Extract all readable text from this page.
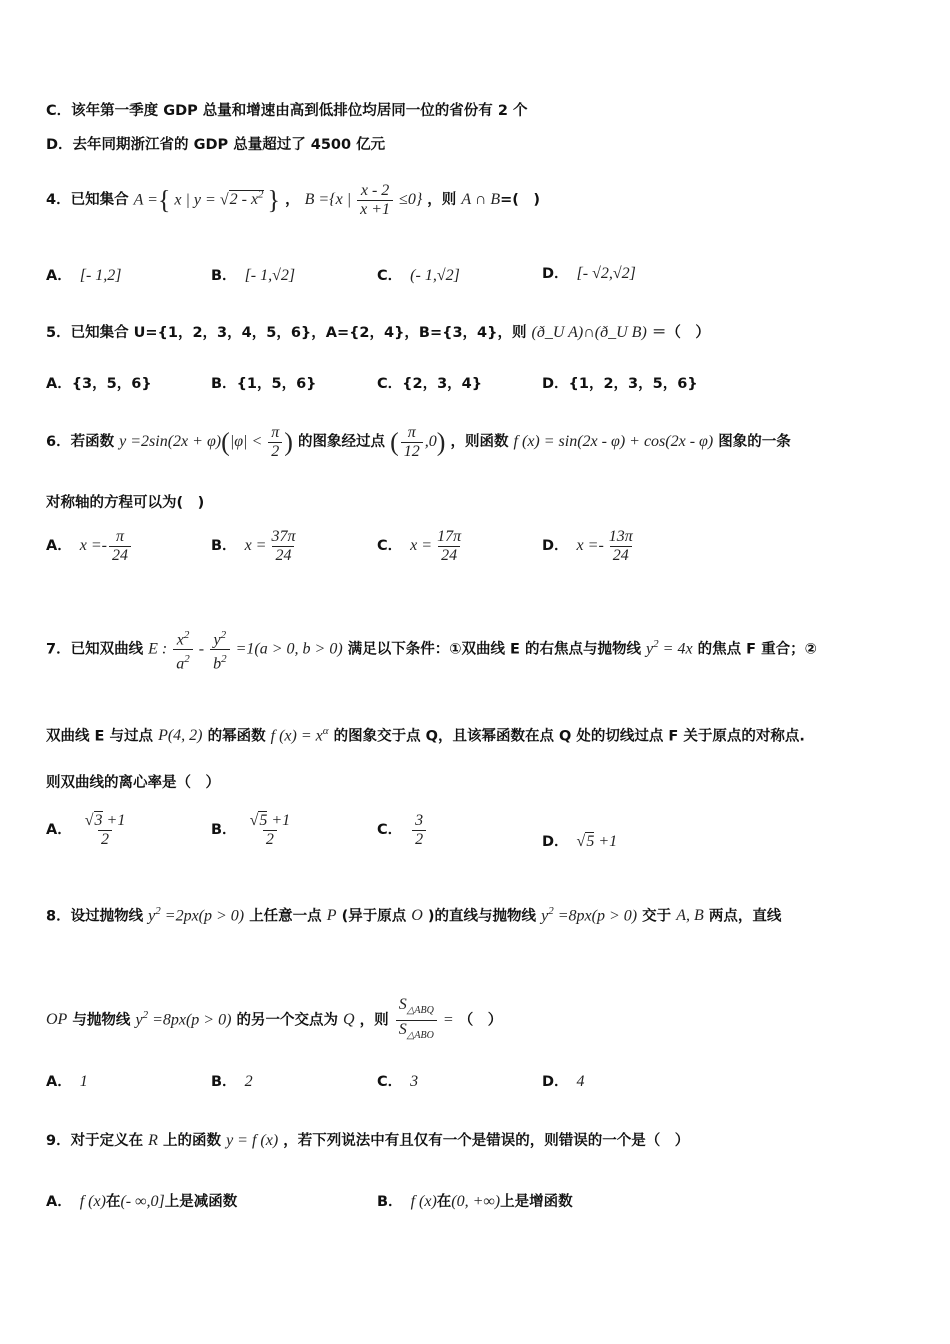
C．该年第一季度 GDP 总量和增速由高到低排位均居同一位的省份有 2 个
D．去年同期浙江省的 GDP 总量超过了 4500 亿元
4．已知集合 A ={ x | $y = √2 - x^2$ } ， B ={x | $\frac{x - 2}{x +1} \le 0$} ，则 A ∩ B=(　)
A． [- 1,2]	B． [- 1,√2]	C． (- 1,√2]	D． [- √2,√2]
5．已知集合 U={1，2，3，4，5，6}，A={2，4}，B={3，4}，则 (ð_U A)∩(ð_U B) ＝（　）
A．{3，5，6}	B．{1，5，6}	C．{2，3，4}	D．{1，2，3，5，6}
6．若函数 $y =2\sin(2x + \varphi)(|\varphi| < \frac{\pi}{2}$ ) 的图象经过点 ( $\frac{\pi}{12} ,0$) ，则函数 f (x) = sin(2x - φ) + cos(2x - φ) 图象的一条
对称轴的方程可以为(　)
A． $x =- \frac{\pi}{24}$	B． $x = \frac{37\pi}{24}$	C． $x = \frac{17\pi}{24}$	D． $x =- \frac{13\pi}{24}$
7．已知双曲线 E : $\frac{x^2}{a^2} - \frac{y^2}{b^2} =1(a > 0$, b > 0) 满足以下条件：①双曲线 E 的右焦点与抛物线 $y^2 = 4x$ 的焦点 F 重合；②
双曲线 E 与过点 P(4, 2) 的幂函数 f $(x) = x^\alpha$ 的图象交于点 Q，且该幂函数在点 Q 处的切线过点 F 关于原点的对称点.
则双曲线的离心率是（　）
A． $\frac{√3 +1}{2}$	B． $\frac{√5 +1}{2}$	C． $\frac{3}{2}$	D． √5 +1
8．设过抛物线 $y^2 =2px(p > 0)$ 上任意一点 P (异于原点 O )的直线与抛物线 $y^2 =8px(p > 0)$ 交于 A, B 两点，直线
OP 与抛物线 $y^2 =8px(p > 0)$ 的另一个交点为 Q ，则 $\frac{S_{\triangle ABQ}}{S_{\triangle ABO}}$ = （　）
A． 1	B． 2	C． 3	D． 4
9．对于定义在 R 上的函数 y = f (x) ，若下列说法中有且仅有一个是错误的，则错误的一个是（　）
A． f (x)在(- ∞,0]上是减函数	B． f (x)在(0, +∞)上是增函数
